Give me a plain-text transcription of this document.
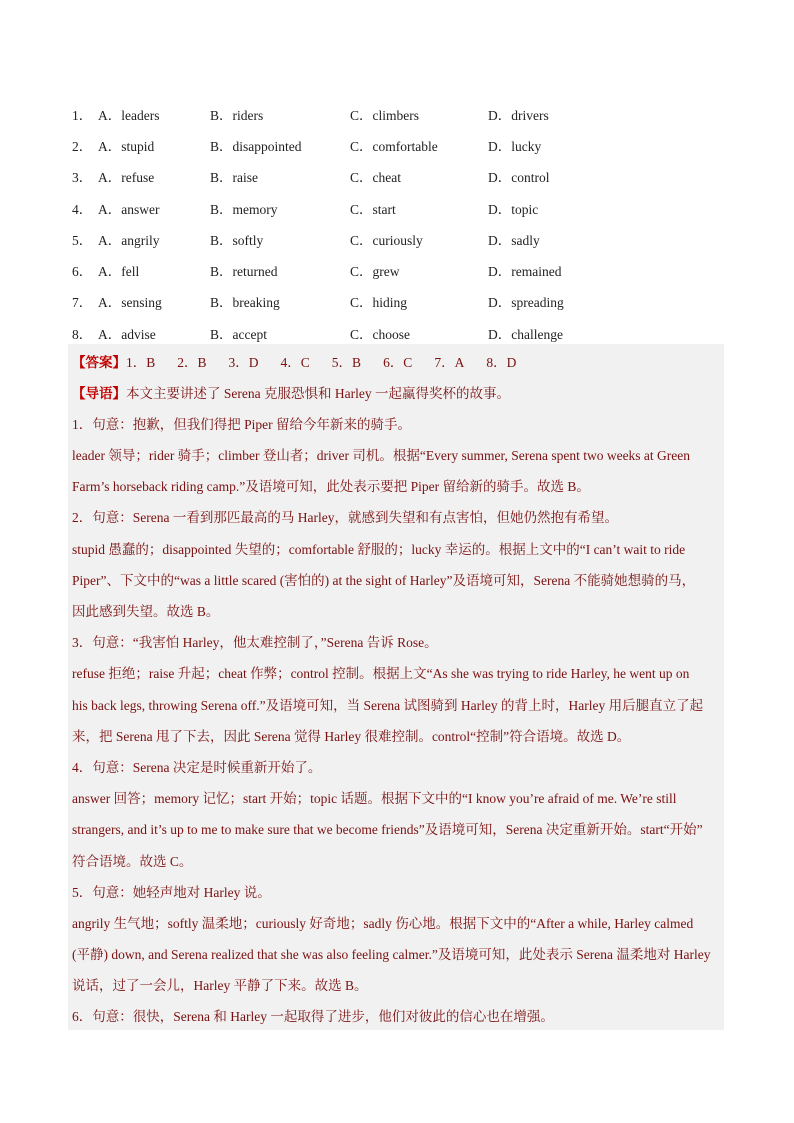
1． A．leaders	B．riders	C．climbers	D．drivers
2． A．stupid	B．disappointed	C．comfortable	D．lucky
3． A．refuse	B．raise	C．cheat	D．control
4． A．answer	B．memory	C．start	D．topic
5． A．angrily	B．softly	C．curiously	D．sadly
6． A．fell	B．returned	C．grew	D．remained
7． A．sensing	B．breaking	C．hiding	D．spreading
8． A．advise	B．accept	C．choose	D．challenge
【答案】1．B 2．B 3．D 4．C 5．B 6．C 7．A 8．D
【导语】本文主要讲述了 Serena 克服恐惧和 Harley 一起赢得奖杯的故事。
1．句意：抱歉，但我们得把 Piper 留给今年新来的骑手。
leader 领导；rider 骑手；climber 登山者；driver 司机。根据“Every summer, Serena spent two weeks at Green
Farm’s horseback riding camp.”及语境可知，此处表示要把 Piper 留给新的骑手。故选 B。
2．句意：Serena 一看到那匹最高的马 Harley，就感到失望和有点害怕，但她仍然抱有希望。
stupid 愚蠢的；disappointed 失望的；comfortable 舒服的；lucky 幸运的。根据上文中的“I can’t wait to ride
Piper”、下文中的“was a little scared (害怕的) at the sight of Harley”及语境可知，Serena 不能骑她想骑的马，
因此感到失望。故选 B。
3．句意：“我害怕 Harley，他太难控制了，”Serena 告诉 Rose。
refuse 拒绝；raise 升起；cheat 作弊；control 控制。根据上文“As she was trying to ride Harley, he went up on
his back legs, throwing Serena off.”及语境可知，当 Serena 试图骑到 Harley 的背上时，Harley 用后腿直立了起
来，把 Serena 甩了下去，因此 Serena 觉得 Harley 很难控制。control“控制”符合语境。故选 D。
4．句意：Serena 决定是时候重新开始了。
answer 回答；memory 记忆；start 开始；topic 话题。根据下文中的“I know you’re afraid of me. We’re still
strangers, and it’s up to me to make sure that we become friends”及语境可知，Serena 决定重新开始。start“开始”
符合语境。故选 C。
5．句意：她轻声地对 Harley 说。
angrily 生气地；softly 温柔地；curiously 好奇地；sadly 伤心地。根据下文中的“After a while, Harley calmed
(平静) down, and Serena realized that she was also feeling calmer.”及语境可知，此处表示 Serena 温柔地对 Harley
说话，过了一会儿，Harley 平静了下来。故选 B。
6．句意：很快，Serena 和 Harley 一起取得了进步，他们对彼此的信心也在增强。
